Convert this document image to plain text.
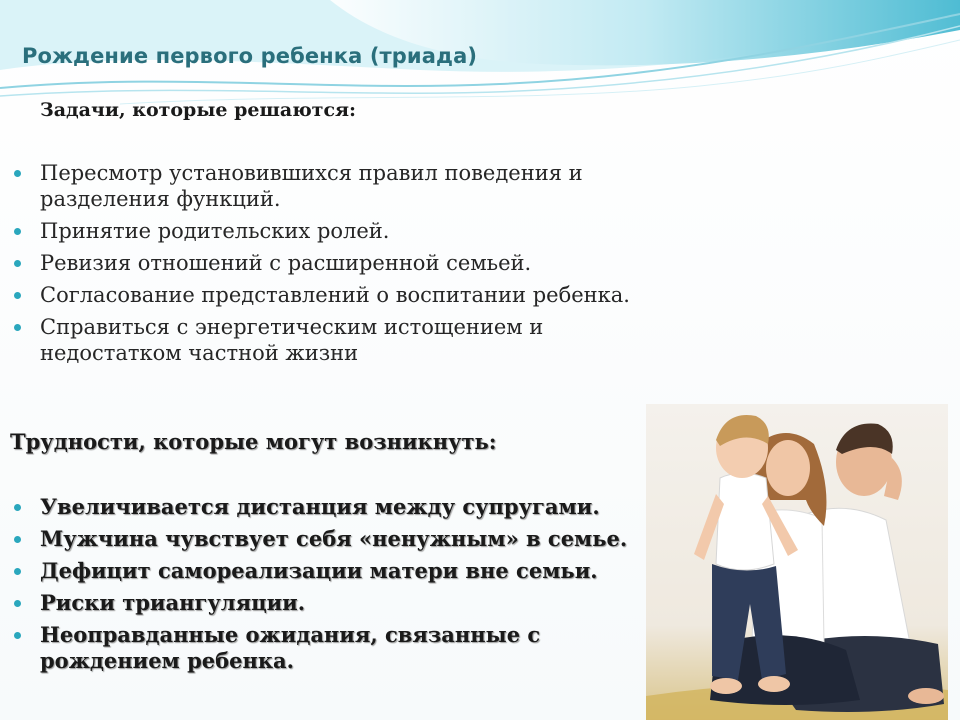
Рождение первого ребенка (триада)
Задачи, которые решаются:
Пересмотр установившихся правил поведения и разделения функций.
Принятие родительских ролей.
Ревизия отношений с расширенной семьей.
Согласование представлений о воспитании ребенка.
Справиться с энергетическим истощением и недостатком частной жизни
Трудности, которые могут возникнуть:
Увеличивается дистанция между супругами.
Мужчина чувствует себя «ненужным» в семье.
Дефицит самореализации матери вне семьи.
Риски триангуляции.
Неоправданные ожидания, связанные с рождением ребенка.
